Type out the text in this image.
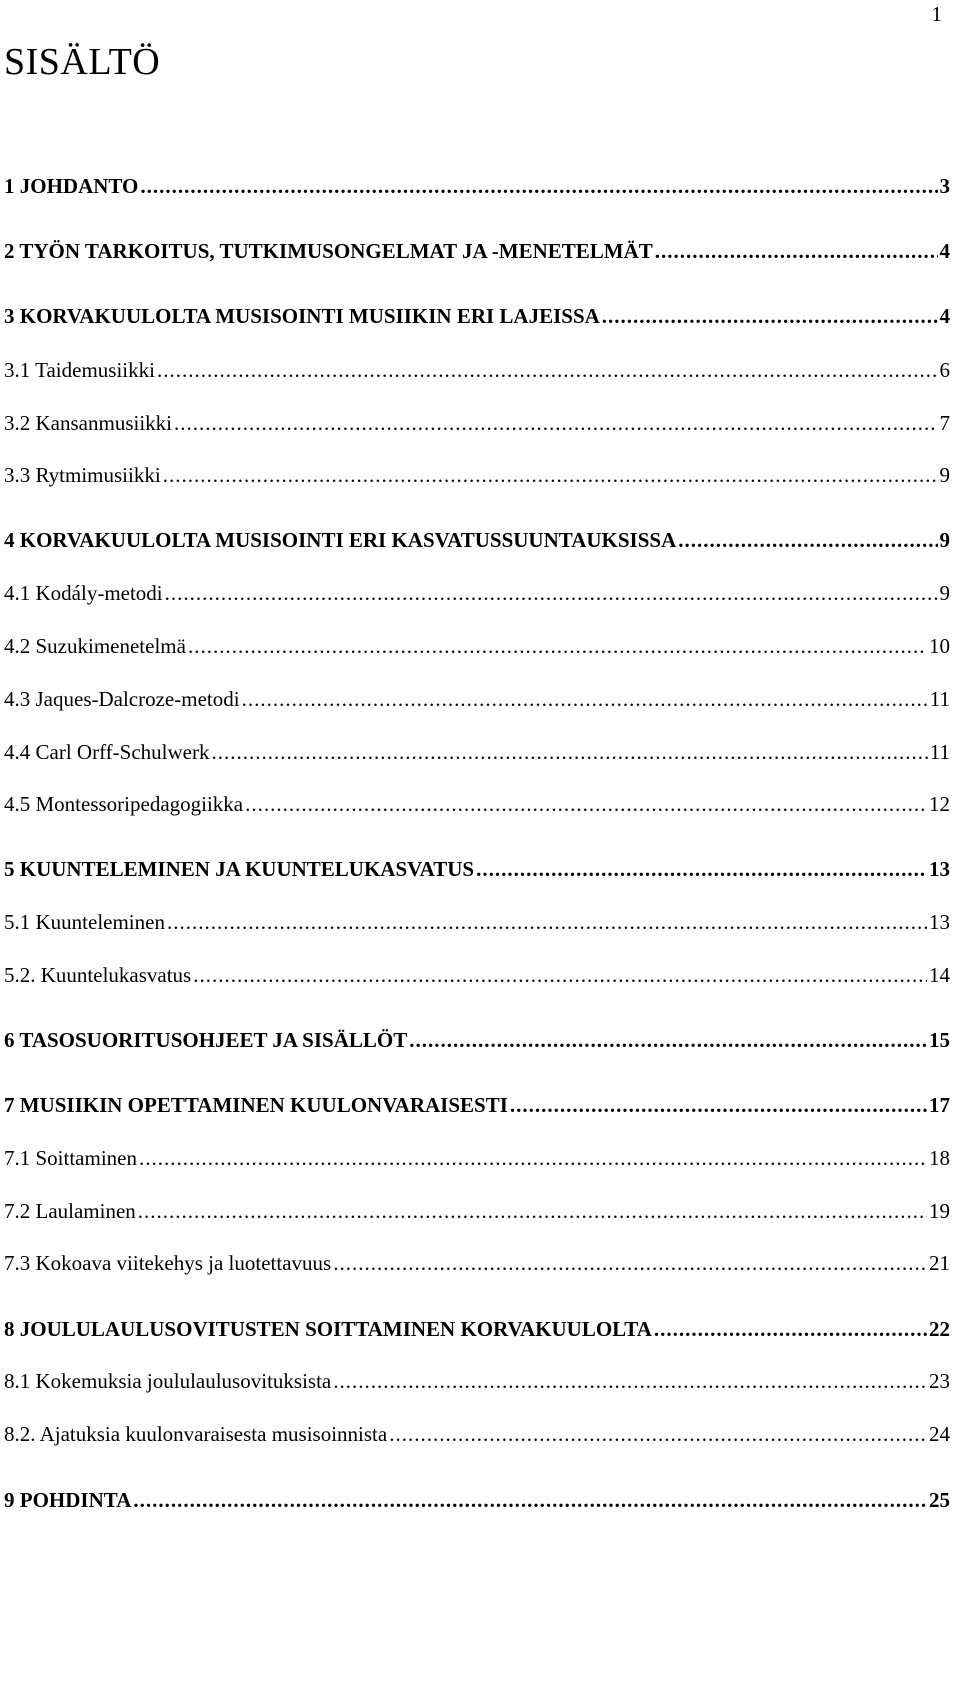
1
SISÄLTÖ
1 JOHDANTO .....	3
2 TYÖN TARKOITUS, TUTKIMUSONGELMAT JA -MENETELMÄT .....	4
3 KORVAKUULOLTA MUSISOINTI MUSIIKIN ERI LAJEISSA .....	4
3.1 Taidemusiikki .....	6
3.2 Kansanmusiikki .....	7
3.3 Rytmimusiikki .....	9
4 KORVAKUULOLTA MUSISOINTI ERI KASVATUSSUUNTAUKSISSA .....	9
4.1 Kodály-metodi .....	9
4.2 Suzukimenetelmä .....	10
4.3 Jaques-Dalcroze-metodi .....	11
4.4 Carl Orff-Schulwerk .....	11
4.5 Montessoripedagogiikka .....	12
5 KUUNTELEMINEN JA KUUNTELUKASVATUS .....	13
5.1 Kuunteleminen .....	13
5.2. Kuuntelukasvatus .....	14
6 TASOSUORITUSOHJEET JA SISÄLLÖT .....	15
7 MUSIIKIN OPETTAMINEN KUULONVARAISESTI .....	17
7.1 Soittaminen .....	18
7.2 Laulaminen .....	19
7.3 Kokoava viitekehys ja luotettavuus .....	21
8 JOULULAULUSOVITUSTEN SOITTAMINEN KORVAKUULOLTA .....	22
8.1 Kokemuksia joululaulusovituksista .....	23
8.2. Ajatuksia kuulonvaraisesta musisoinnista .....	24
9 POHDINTA .....	25
